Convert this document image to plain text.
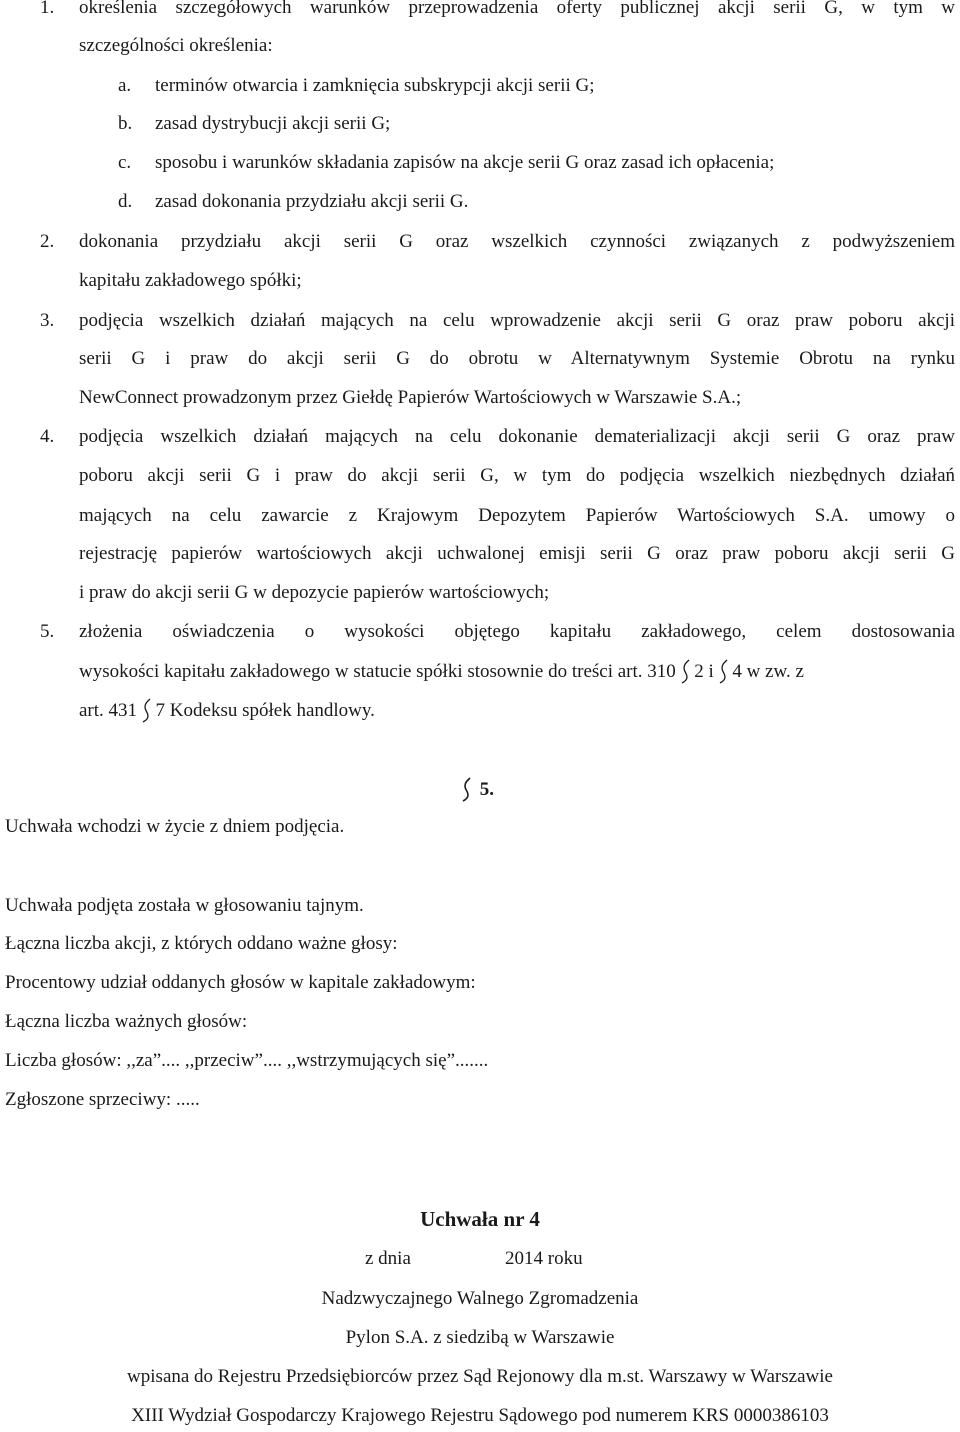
1. określenia szczegółowych warunków przeprowadzenia oferty publicznej akcji serii G, w tym w
szczególności określenia:
a. terminów otwarcia i zamknięcia subskrypcji akcji serii G;
b. zasad dystrybucji akcji serii G;
c. sposobu i warunków składania zapisów na akcje serii G oraz zasad ich opłacenia;
d. zasad dokonania przydziału akcji serii G.
2. dokonania przydziału akcji serii G oraz wszelkich czynności związanych z podwyższeniem
kapitału zakładowego spółki;
3. podjęcia wszelkich działań mających na celu wprowadzenie akcji serii G oraz praw poboru akcji
serii G i praw do akcji serii G do obrotu w Alternatywnym Systemie Obrotu na rynku
NewConnect prowadzonym przez Giełdę Papierów Wartościowych w Warszawie S.A.;
4. podjęcia wszelkich działań mających na celu dokonanie dematerializacji akcji serii G oraz praw
poboru akcji serii G i praw do akcji serii G, w tym do podjęcia wszelkich niezbędnych działań
mających na celu zawarcie z Krajowym Depozytem Papierów Wartościowych S.A. umowy o
rejestrację papierów wartościowych akcji uchwalonej emisji serii G oraz praw poboru akcji serii G
i praw do akcji serii G w depozycie papierów wartościowych;
5. złożenia oświadczenia o wysokości objętego kapitału zakładowego, celem dostosowania
wysokości kapitału zakładowego w statucie spółki stosownie do treści art. 310 2 i 4 w zw. z
art. 431 7 Kodeksu spółek handlowy.
5.
Uchwała wchodzi w życie z dniem podjęcia.
Uchwała podjęta została w głosowaniu tajnym.
Łączna liczba akcji, z których oddano ważne głosy:
Procentowy udział oddanych głosów w kapitale zakładowym:
Łączna liczba ważnych głosów:
Liczba głosów: ,,za”.... ,,przeciw”.... ,,wstrzymujących się”.......
Zgłoszone sprzeciwy: .....
Uchwała nr 4
z dnia	2014 roku
Nadzwyczajnego Walnego Zgromadzenia
Pylon S.A. z siedzibą w Warszawie
wpisana do Rejestru Przedsiębiorców przez Sąd Rejonowy dla m.st. Warszawy w Warszawie
XIII Wydział Gospodarczy Krajowego Rejestru Sądowego pod numerem KRS 0000386103
